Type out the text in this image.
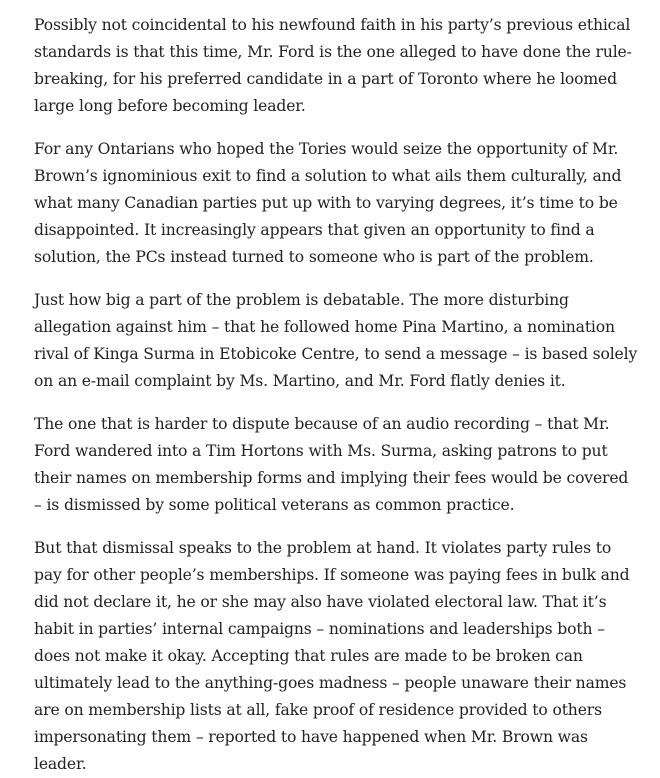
Possibly not coincidental to his newfound faith in his party’s previous ethical standards is that this time, Mr. Ford is the one alleged to have done the rule-breaking, for his preferred candidate in a part of Toronto where he loomed large long before becoming leader.

For any Ontarians who hoped the Tories would seize the opportunity of Mr. Brown’s ignominious exit to find a solution to what ails them culturally, and what many Canadian parties put up with to varying degrees, it’s time to be disappointed. It increasingly appears that given an opportunity to find a solution, the PCs instead turned to someone who is part of the problem.

Just how big a part of the problem is debatable. The more disturbing allegation against him – that he followed home Pina Martino, a nomination rival of Kinga Surma in Etobicoke Centre, to send a message – is based solely on an e-mail complaint by Ms. Martino, and Mr. Ford flatly denies it.

The one that is harder to dispute because of an audio recording – that Mr. Ford wandered into a Tim Hortons with Ms. Surma, asking patrons to put their names on membership forms and implying their fees would be covered – is dismissed by some political veterans as common practice.

But that dismissal speaks to the problem at hand. It violates party rules to pay for other people’s memberships. If someone was paying fees in bulk and did not declare it, he or she may also have violated electoral law. That it’s habit in parties’ internal campaigns – nominations and leaderships both – does not make it okay. Accepting that rules are made to be broken can ultimately lead to the anything-goes madness – people unaware their names are on membership lists at all, fake proof of residence provided to others impersonating them – reported to have happened when Mr. Brown was leader.
